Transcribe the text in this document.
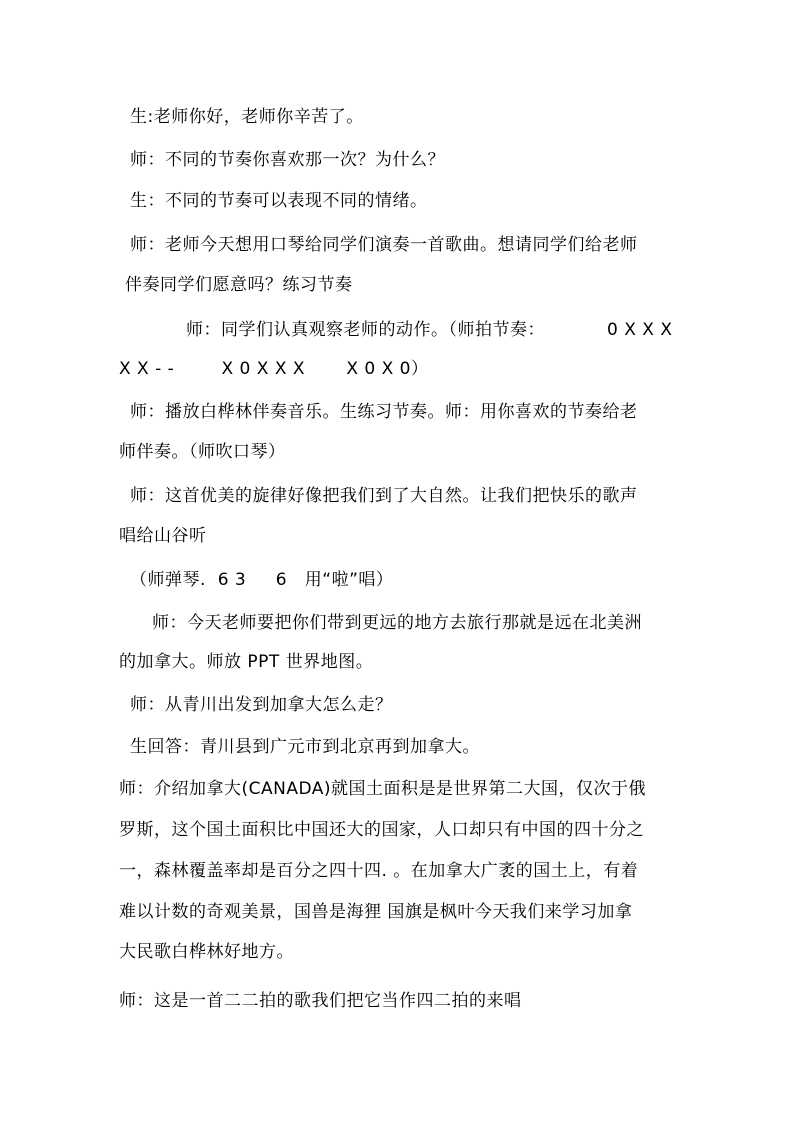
生:老师你好，老师你辛苦了。
师：不同的节奏你喜欢那一次？为什么？
生：不同的节奏可以表现不同的情绪。
师：老师今天想用口琴给同学们演奏一首歌曲。想请同学们给老师
伴奏同学们愿意吗？练习节奏
师：同学们认真观察老师的动作。（师拍节奏：	0 X X X
X X - -        X 0 X X X       X 0 X 0）
师：播放白桦林伴奏音乐。生练习节奏。师：用你喜欢的节奏给老
师伴奏。（师吹口琴）
师：这首优美的旋律好像把我们到了大自然。让我们把快乐的歌声
唱给山谷听
（师弹琴.  6 3     6   用“啦”唱）
师：今天老师要把你们带到更远的地方去旅行那就是远在北美洲
的加拿大。师放 PPT 世界地图。
师：从青川出发到加拿大怎么走？
生回答：青川县到广元市到北京再到加拿大。
师：介绍加拿大(CANADA)就国土面积是是世界第二大国，仅次于俄
罗斯，这个国土面积比中国还大的国家，人口却只有中国的四十分之
一，森林覆盖率却是百分之四十四. 。在加拿大广袤的国土上，有着
难以计数的奇观美景，国兽是海狸 国旗是枫叶今天我们来学习加拿
大民歌白桦林好地方。
师：这是一首二二拍的歌我们把它当作四二拍的来唱
